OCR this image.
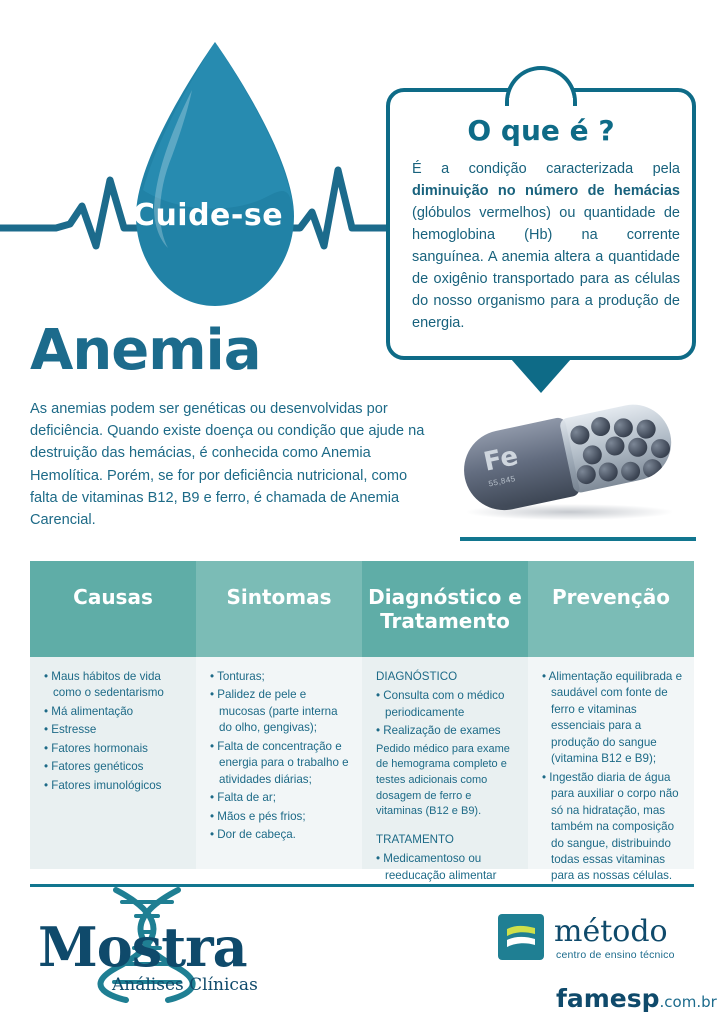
Cuide-se
Anemia
As anemias podem ser genéticas ou desenvolvidas por deficiência. Quando existe doença ou condição que ajude na destruição das hemácias, é conhecida como Anemia Hemolítica. Porém, se for por deficiência nutricional, como falta de vitaminas B12, B9 e ferro, é chamada de Anemia Carencial.
O que é ?
É a condição caracterizada pela diminuição no número de hemácias (glóbulos vermelhos) ou quantidade de hemoglobina (Hb) na corrente sanguínea. A anemia altera a quantidade de oxigênio transportado para as células do nosso organismo para a produção de energia.
Fe
55,845
Causas
• Maus hábitos de vida como o sedentarismo
• Má alimentação
• Estresse
• Fatores hormonais
• Fatores genéticos
• Fatores imunológicos
Sintomas
• Tonturas;
• Palidez de pele e mucosas (parte interna do olho, gengivas);
• Falta de concentração e energia para o trabalho e atividades diárias;
• Falta de ar;
• Mãos e pés frios;
• Dor de cabeça.
Diagnóstico e Tratamento
DIAGNÓSTICO
• Consulta com o médico periodicamente
• Realização de exames
Pedido médico para exame de hemograma completo e testes adicionais como dosagem de ferro e vitaminas (B12 e B9).
TRATAMENTO
• Medicamentoso ou reeducação alimentar
Prevenção
• Alimentação equilibrada e saudável com fonte de ferro e vitaminas essenciais para a produção do sangue (vitamina B12 e B9);
• Ingestão diaria de água para auxiliar o corpo não só na hidratação, mas também na composição do sangue, distribuindo todas essas vitaminas para as nossas células.
Mostra
Análises Clínicas
método
centro de ensino técnico
famesp.com.br
